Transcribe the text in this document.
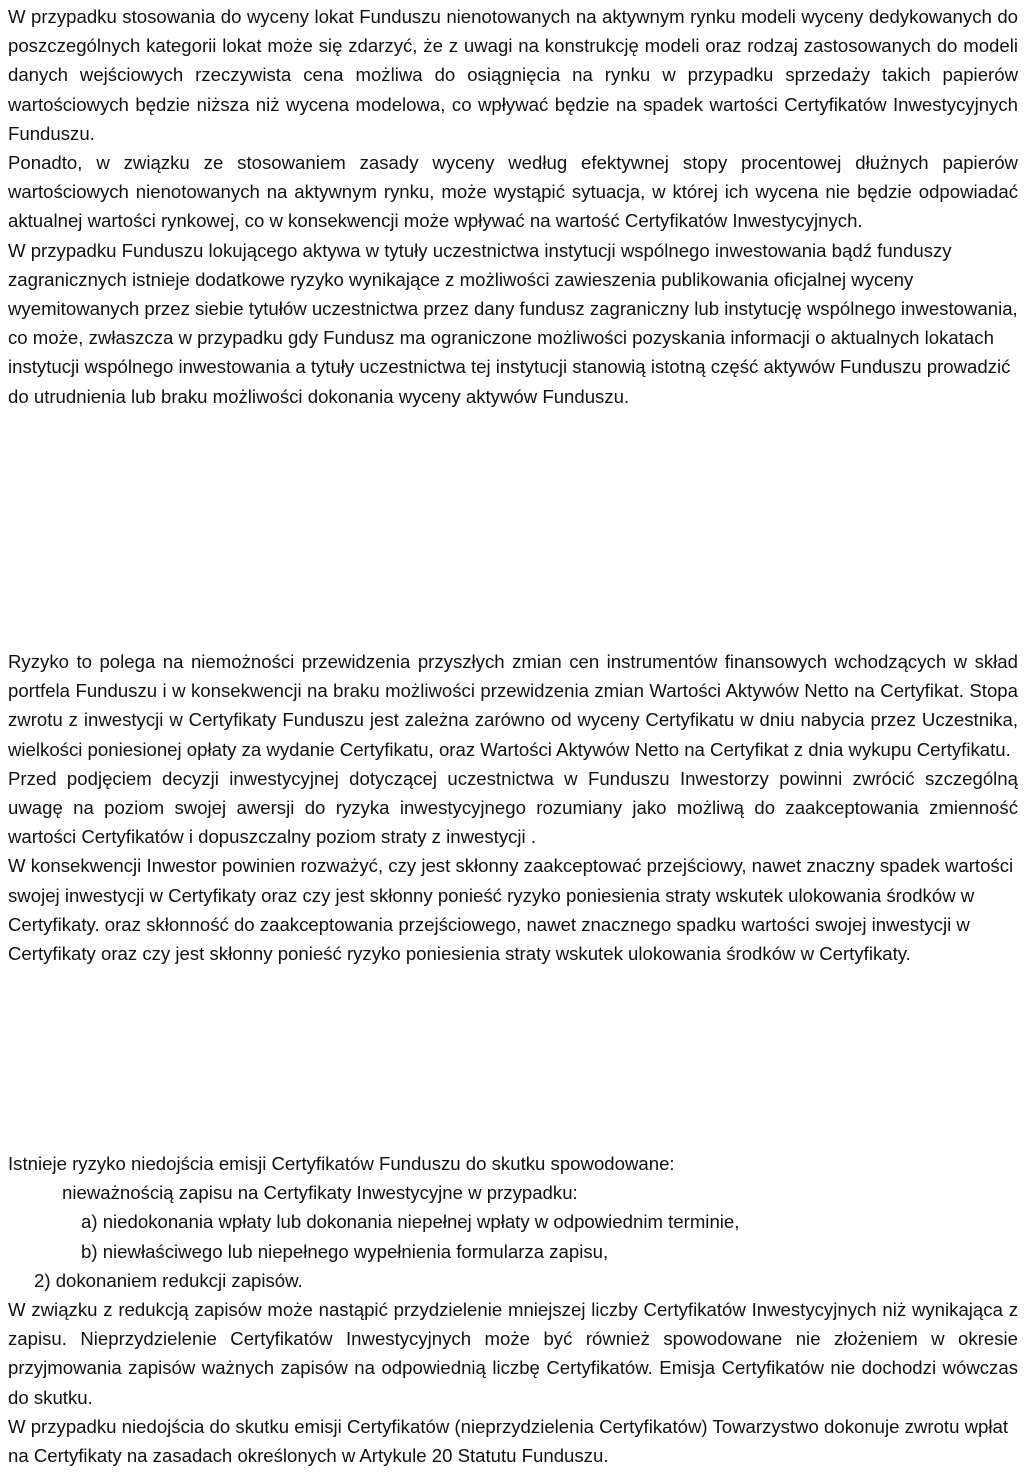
W przypadku stosowania do wyceny lokat Funduszu nienotowanych na aktywnym rynku modeli wyceny dedykowanych do poszczególnych kategorii lokat może się zdarzyć, że z uwagi na konstrukcję modeli oraz rodzaj zastosowanych do modeli danych wejściowych rzeczywista cena możliwa do osiągnięcia na rynku w przypadku sprzedaży takich papierów wartościowych będzie niższa niż wycena modelowa, co wpływać będzie na spadek wartości Certyfikatów Inwestycyjnych Funduszu.

Ponadto, w związku ze stosowaniem zasady wyceny według efektywnej stopy procentowej dłużnych papierów wartościowych nienotowanych na aktywnym rynku, może wystąpić sytuacja, w której ich wycena nie będzie odpowiadać aktualnej wartości rynkowej, co w konsekwencji może wpływać na wartość Certyfikatów Inwestycyjnych.

W przypadku Funduszu lokującego aktywa w tytuły uczestnictwa instytucji wspólnego inwestowania bądź funduszy zagranicznych istnieje dodatkowe ryzyko wynikające z możliwości zawieszenia publikowania oficjalnej wyceny wyemitowanych przez siebie tytułów uczestnictwa przez dany fundusz zagraniczny lub instytucję wspólnego inwestowania, co może, zwłaszcza w przypadku gdy Fundusz ma ograniczone możliwości pozyskania informacji o aktualnych lokatach instytucji wspólnego inwestowania a tytuły uczestnictwa tej instytucji stanowią istotną część aktywów Funduszu prowadzić do utrudnienia lub braku możliwości dokonania wyceny aktywów Funduszu.

Ryzyko to polega na niemożności przewidzenia przyszłych zmian cen instrumentów finansowych wchodzących w skład portfela Funduszu i w konsekwencji na braku możliwości przewidzenia zmian Wartości Aktywów Netto na Certyfikat. Stopa zwrotu z inwestycji w Certyfikaty Funduszu jest zależna zarówno od wyceny Certyfikatu w dniu nabycia przez Uczestnika, wielkości poniesionej opłaty za wydanie Certyfikatu, oraz Wartości Aktywów Netto na Certyfikat z dnia wykupu Certyfikatu.

Przed podjęciem decyzji inwestycyjnej dotyczącej uczestnictwa w Funduszu Inwestorzy powinni zwrócić szczególną uwagę na poziom swojej awersji do ryzyka inwestycyjnego rozumiany jako możliwą do zaakceptowania zmienność wartości Certyfikatów i dopuszczalny poziom straty z inwestycji .

W konsekwencji Inwestor powinien rozważyć, czy jest skłonny zaakceptować przejściowy, nawet znaczny spadek wartości swojej inwestycji w Certyfikaty oraz czy jest skłonny ponieść ryzyko poniesienia straty wskutek ulokowania środków w Certyfikaty. oraz skłonność do zaakceptowania przejściowego, nawet znacznego spadku wartości swojej inwestycji w Certyfikaty oraz czy jest skłonny ponieść ryzyko poniesienia straty wskutek ulokowania środków w Certyfikaty.

Istnieje ryzyko niedojścia emisji Certyfikatów Funduszu do skutku spowodowane:

nieważnością zapisu na Certyfikaty Inwestycyjne w przypadku:

a) niedokonania wpłaty lub dokonania niepełnej wpłaty w odpowiednim terminie,

b) niewłaściwego lub niepełnego wypełnienia formularza zapisu,

2) dokonaniem redukcji zapisów.

W związku z redukcją zapisów może nastąpić przydzielenie mniejszej liczby Certyfikatów Inwestycyjnych niż wynikająca z zapisu. Nieprzydzielenie Certyfikatów Inwestycyjnych może być również spowodowane nie złożeniem w okresie przyjmowania zapisów ważnych zapisów na odpowiednią liczbę Certyfikatów. Emisja Certyfikatów nie dochodzi wówczas do skutku.

W przypadku niedojścia do skutku emisji Certyfikatów (nieprzydzielenia Certyfikatów) Towarzystwo dokonuje zwrotu wpłat na Certyfikaty na zasadach określonych w Artykule 20 Statutu Funduszu.
